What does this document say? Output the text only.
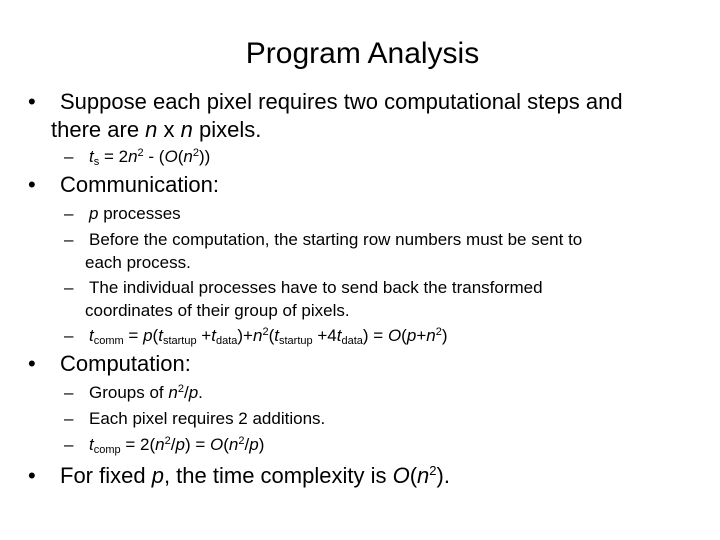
Program Analysis
• Suppose each pixel requires two computational steps and
there are n x n pixels.
– $t_s = 2n^2 - (O(n^2))$
• Communication:
– p processes
– Before the computation, the starting row numbers must be sent to
each process.
– The individual processes have to send back the transformed
coordinates of their group of pixels.
– $t_{comm} = p(t_{startup} +t_{data})+n^2(t_{startup} +4t_{data}) = O(p+n^2)$
• Computation:
– Groups of $n^2/p$.
– Each pixel requires 2 additions.
– $t_{comp} = 2(n^2/p) = O(n^2/p)$
• For fixed p, the time complexity is $O(n^2)$.
